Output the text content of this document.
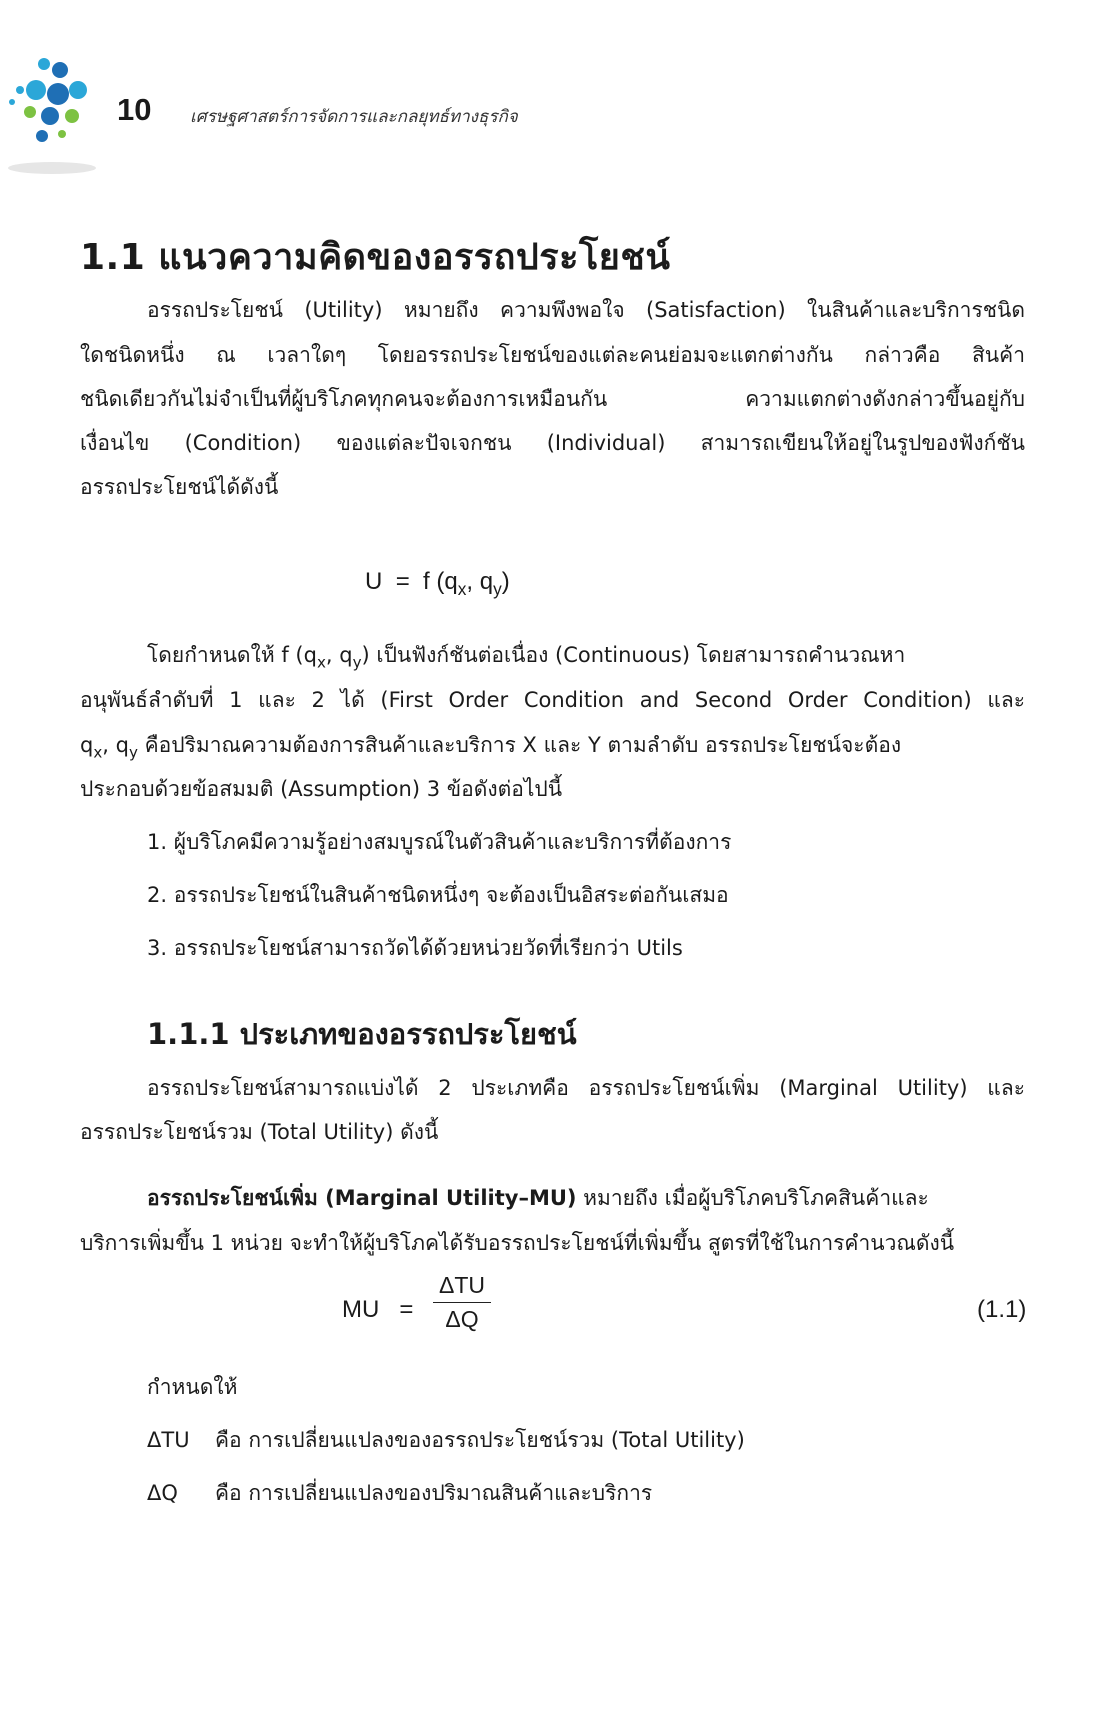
10 เศรษฐศาสตร์การจัดการและกลยุทธ์ทางธุรกิจ
1.1 แนวความคิดของอรรถประโยชน์
อรรถประโยชน์ (Utility) หมายถึง ความพึงพอใจ (Satisfaction) ในสินค้าและบริการชนิด
ใดชนิดหนึ่ง ณ เวลาใดๆ โดยอรรถประโยชน์ของแต่ละคนย่อมจะแตกต่างกัน กล่าวคือ สินค้า
ชนิดเดียวกันไม่จำเป็นที่ผู้บริโภคทุกคนจะต้องการเหมือนกัน ความแตกต่างดังกล่าวขึ้นอยู่กับ
เงื่อนไข (Condition) ของแต่ละปัจเจกชน (Individual) สามารถเขียนให้อยู่ในรูปของฟังก์ชัน
อรรถประโยชน์ได้ดังนี้
U = f ($q_x$, $q_y$)
โดยกำหนดให้ f ($q_x$, $q_y$) เป็นฟังก์ชันต่อเนื่อง (Continuous) โดยสามารถคำนวณหา
อนุพันธ์ลำดับที่ 1 และ 2 ได้ (First Order Condition and Second Order Condition) และ
$q_x$, $q_y$ คือปริมาณความต้องการสินค้าและบริการ X และ Y ตามลำดับ อรรถประโยชน์จะต้อง
ประกอบด้วยข้อสมมติ (Assumption) 3 ข้อดังต่อไปนี้
1. ผู้บริโภคมีความรู้อย่างสมบูรณ์ในตัวสินค้าและบริการที่ต้องการ
2. อรรถประโยชน์ในสินค้าชนิดหนึ่งๆ จะต้องเป็นอิสระต่อกันเสมอ
3. อรรถประโยชน์สามารถวัดได้ด้วยหน่วยวัดที่เรียกว่า Utils
1.1.1 ประเภทของอรรถประโยชน์
อรรถประโยชน์สามารถแบ่งได้ 2 ประเภทคือ อรรถประโยชน์เพิ่ม (Marginal Utility) และ
อรรถประโยชน์รวม (Total Utility) ดังนี้
อรรถประโยชน์เพิ่ม (Marginal Utility–MU) หมายถึง เมื่อผู้บริโภคบริโภคสินค้าและ
บริการเพิ่มขึ้น 1 หน่วย จะทำให้ผู้บริโภคได้รับอรรถประโยชน์ที่เพิ่มขึ้น สูตรที่ใช้ในการคำนวณดังนี้
MU =
ΔTU
ΔQ	(1.1)
กำหนดให้
ΔTU คือ การเปลี่ยนแปลงของอรรถประโยชน์รวม (Total Utility)
ΔQ คือ การเปลี่ยนแปลงของปริมาณสินค้าและบริการ
